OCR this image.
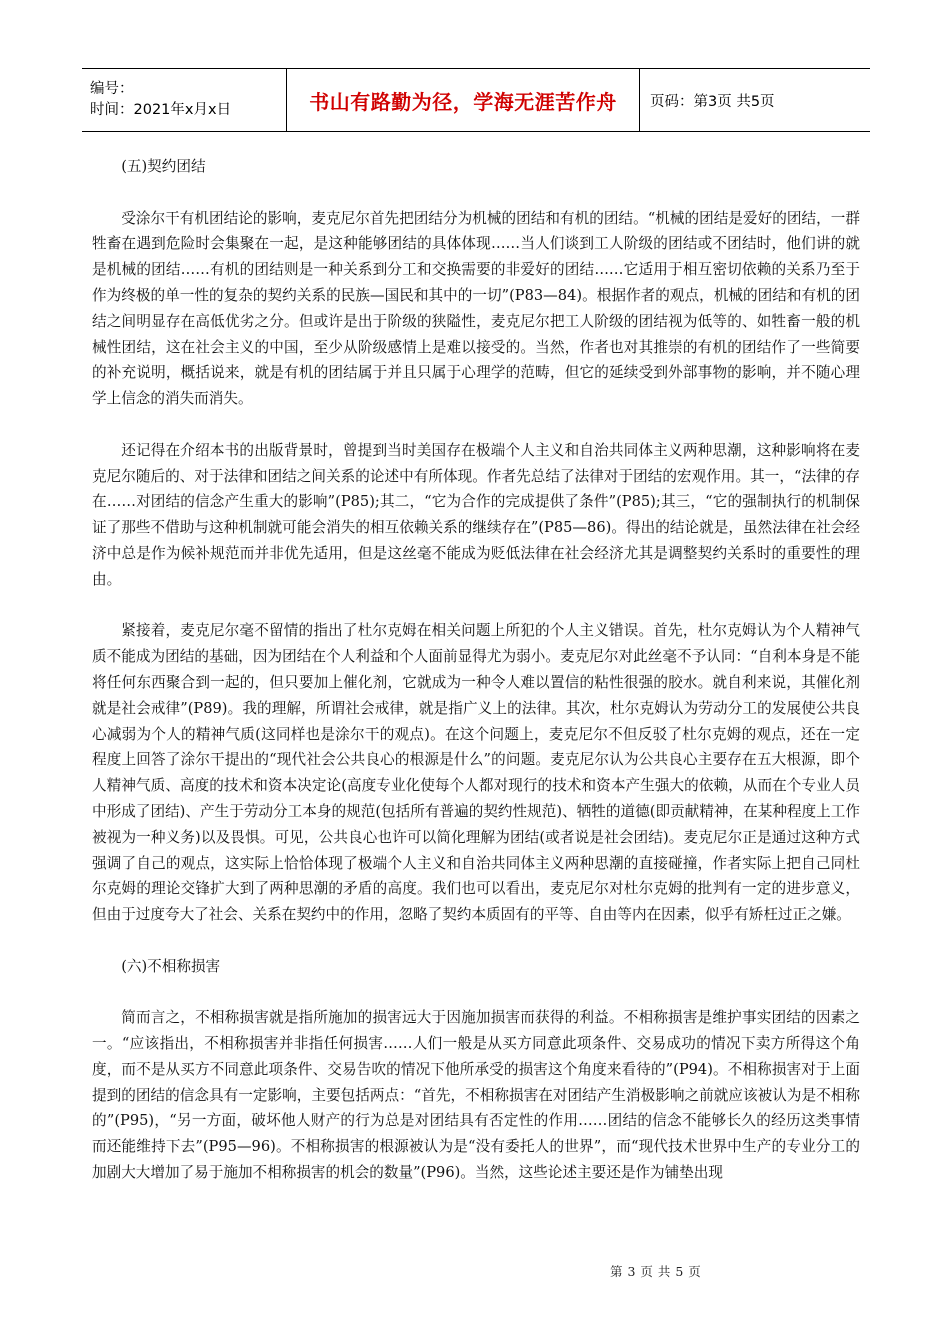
编号：
时间：2021年x月x日	书山有路勤为径，学海无涯苦作舟	页码：第3页 共5页

(五)契约团结

受涂尔干有机团结论的影响，麦克尼尔首先把团结分为机械的团结和有机的团结。“机械的团结是爱好的团结，一群牲畜在遇到危险时会集聚在一起，是这种能够团结的具体体现……当人们谈到工人阶级的团结或不团结时，他们讲的就是机械的团结……有机的团结则是一种关系到分工和交换需要的非爱好的团结……它适用于相互密切依赖的关系乃至于作为终极的单一性的复杂的契约关系的民族—国民和其中的一切”(P83—84)。根据作者的观点，机械的团结和有机的团结之间明显存在高低优劣之分。但或许是出于阶级的狭隘性，麦克尼尔把工人阶级的团结视为低等的、如牲畜一般的机械性团结，这在社会主义的中国，至少从阶级感情上是难以接受的。当然，作者也对其推崇的有机的团结作了一些简要的补充说明，概括说来，就是有机的团结属于并且只属于心理学的范畴，但它的延续受到外部事物的影响，并不随心理学上信念的消失而消失。

还记得在介绍本书的出版背景时，曾提到当时美国存在极端个人主义和自治共同体主义两种思潮，这种影响将在麦克尼尔随后的、对于法律和团结之间关系的论述中有所体现。作者先总结了法律对于团结的宏观作用。其一，“法律的存在……对团结的信念产生重大的影响”(P85);其二，“它为合作的完成提供了条件”(P85);其三，“它的强制执行的机制保证了那些不借助与这种机制就可能会消失的相互依赖关系的继续存在”(P85—86)。得出的结论就是，虽然法律在社会经济中总是作为候补规范而并非优先适用，但是这丝毫不能成为贬低法律在社会经济尤其是调整契约关系时的重要性的理由。

紧接着，麦克尼尔毫不留情的指出了杜尔克姆在相关问题上所犯的个人主义错误。首先，杜尔克姆认为个人精神气质不能成为团结的基础，因为团结在个人利益和个人面前显得尤为弱小。麦克尼尔对此丝毫不予认同：“自利本身是不能将任何东西聚合到一起的，但只要加上催化剂，它就成为一种令人难以置信的粘性很强的胶水。就自利来说，其催化剂就是社会戒律”(P89)。我的理解，所谓社会戒律，就是指广义上的法律。其次，杜尔克姆认为劳动分工的发展使公共良心减弱为个人的精神气质(这同样也是涂尔干的观点)。在这个问题上，麦克尼尔不但反驳了杜尔克姆的观点，还在一定程度上回答了涂尔干提出的“现代社会公共良心的根源是什么”的问题。麦克尼尔认为公共良心主要存在五大根源，即个人精神气质、高度的技术和资本决定论(高度专业化使每个人都对现行的技术和资本产生强大的依赖，从而在个专业人员中形成了团结)、产生于劳动分工本身的规范(包括所有普遍的契约性规范)、牺牲的道德(即贡献精神，在某种程度上工作被视为一种义务)以及畏惧。可见，公共良心也许可以简化理解为团结(或者说是社会团结)。麦克尼尔正是通过这种方式强调了自己的观点，这实际上恰恰体现了极端个人主义和自治共同体主义两种思潮的直接碰撞，作者实际上把自己同杜尔克姆的理论交锋扩大到了两种思潮的矛盾的高度。我们也可以看出，麦克尼尔对杜尔克姆的批判有一定的进步意义，但由于过度夸大了社会、关系在契约中的作用，忽略了契约本质固有的平等、自由等内在因素，似乎有矫枉过正之嫌。

(六)不相称损害

简而言之，不相称损害就是指所施加的损害远大于因施加损害而获得的利益。不相称损害是维护事实团结的因素之一。“应该指出，不相称损害并非指任何损害……人们一般是从买方同意此项条件、交易成功的情况下卖方所得这个角度，而不是从买方不同意此项条件、交易告吹的情况下他所承受的损害这个角度来看待的”(P94)。不相称损害对于上面提到的团结的信念具有一定影响，主要包括两点：“首先，不相称损害在对团结产生消极影响之前就应该被认为是不相称的”(P95)，“另一方面，破坏他人财产的行为总是对团结具有否定性的作用……团结的信念不能够长久的经历这类事情而还能维持下去”(P95—96)。不相称损害的根源被认为是“没有委托人的世界”，而“现代技术世界中生产的专业分工的加剧大大增加了易于施加不相称损害的机会的数量”(P96)。当然，这些论述主要还是作为铺垫出现

第 3 页 共 5 页
